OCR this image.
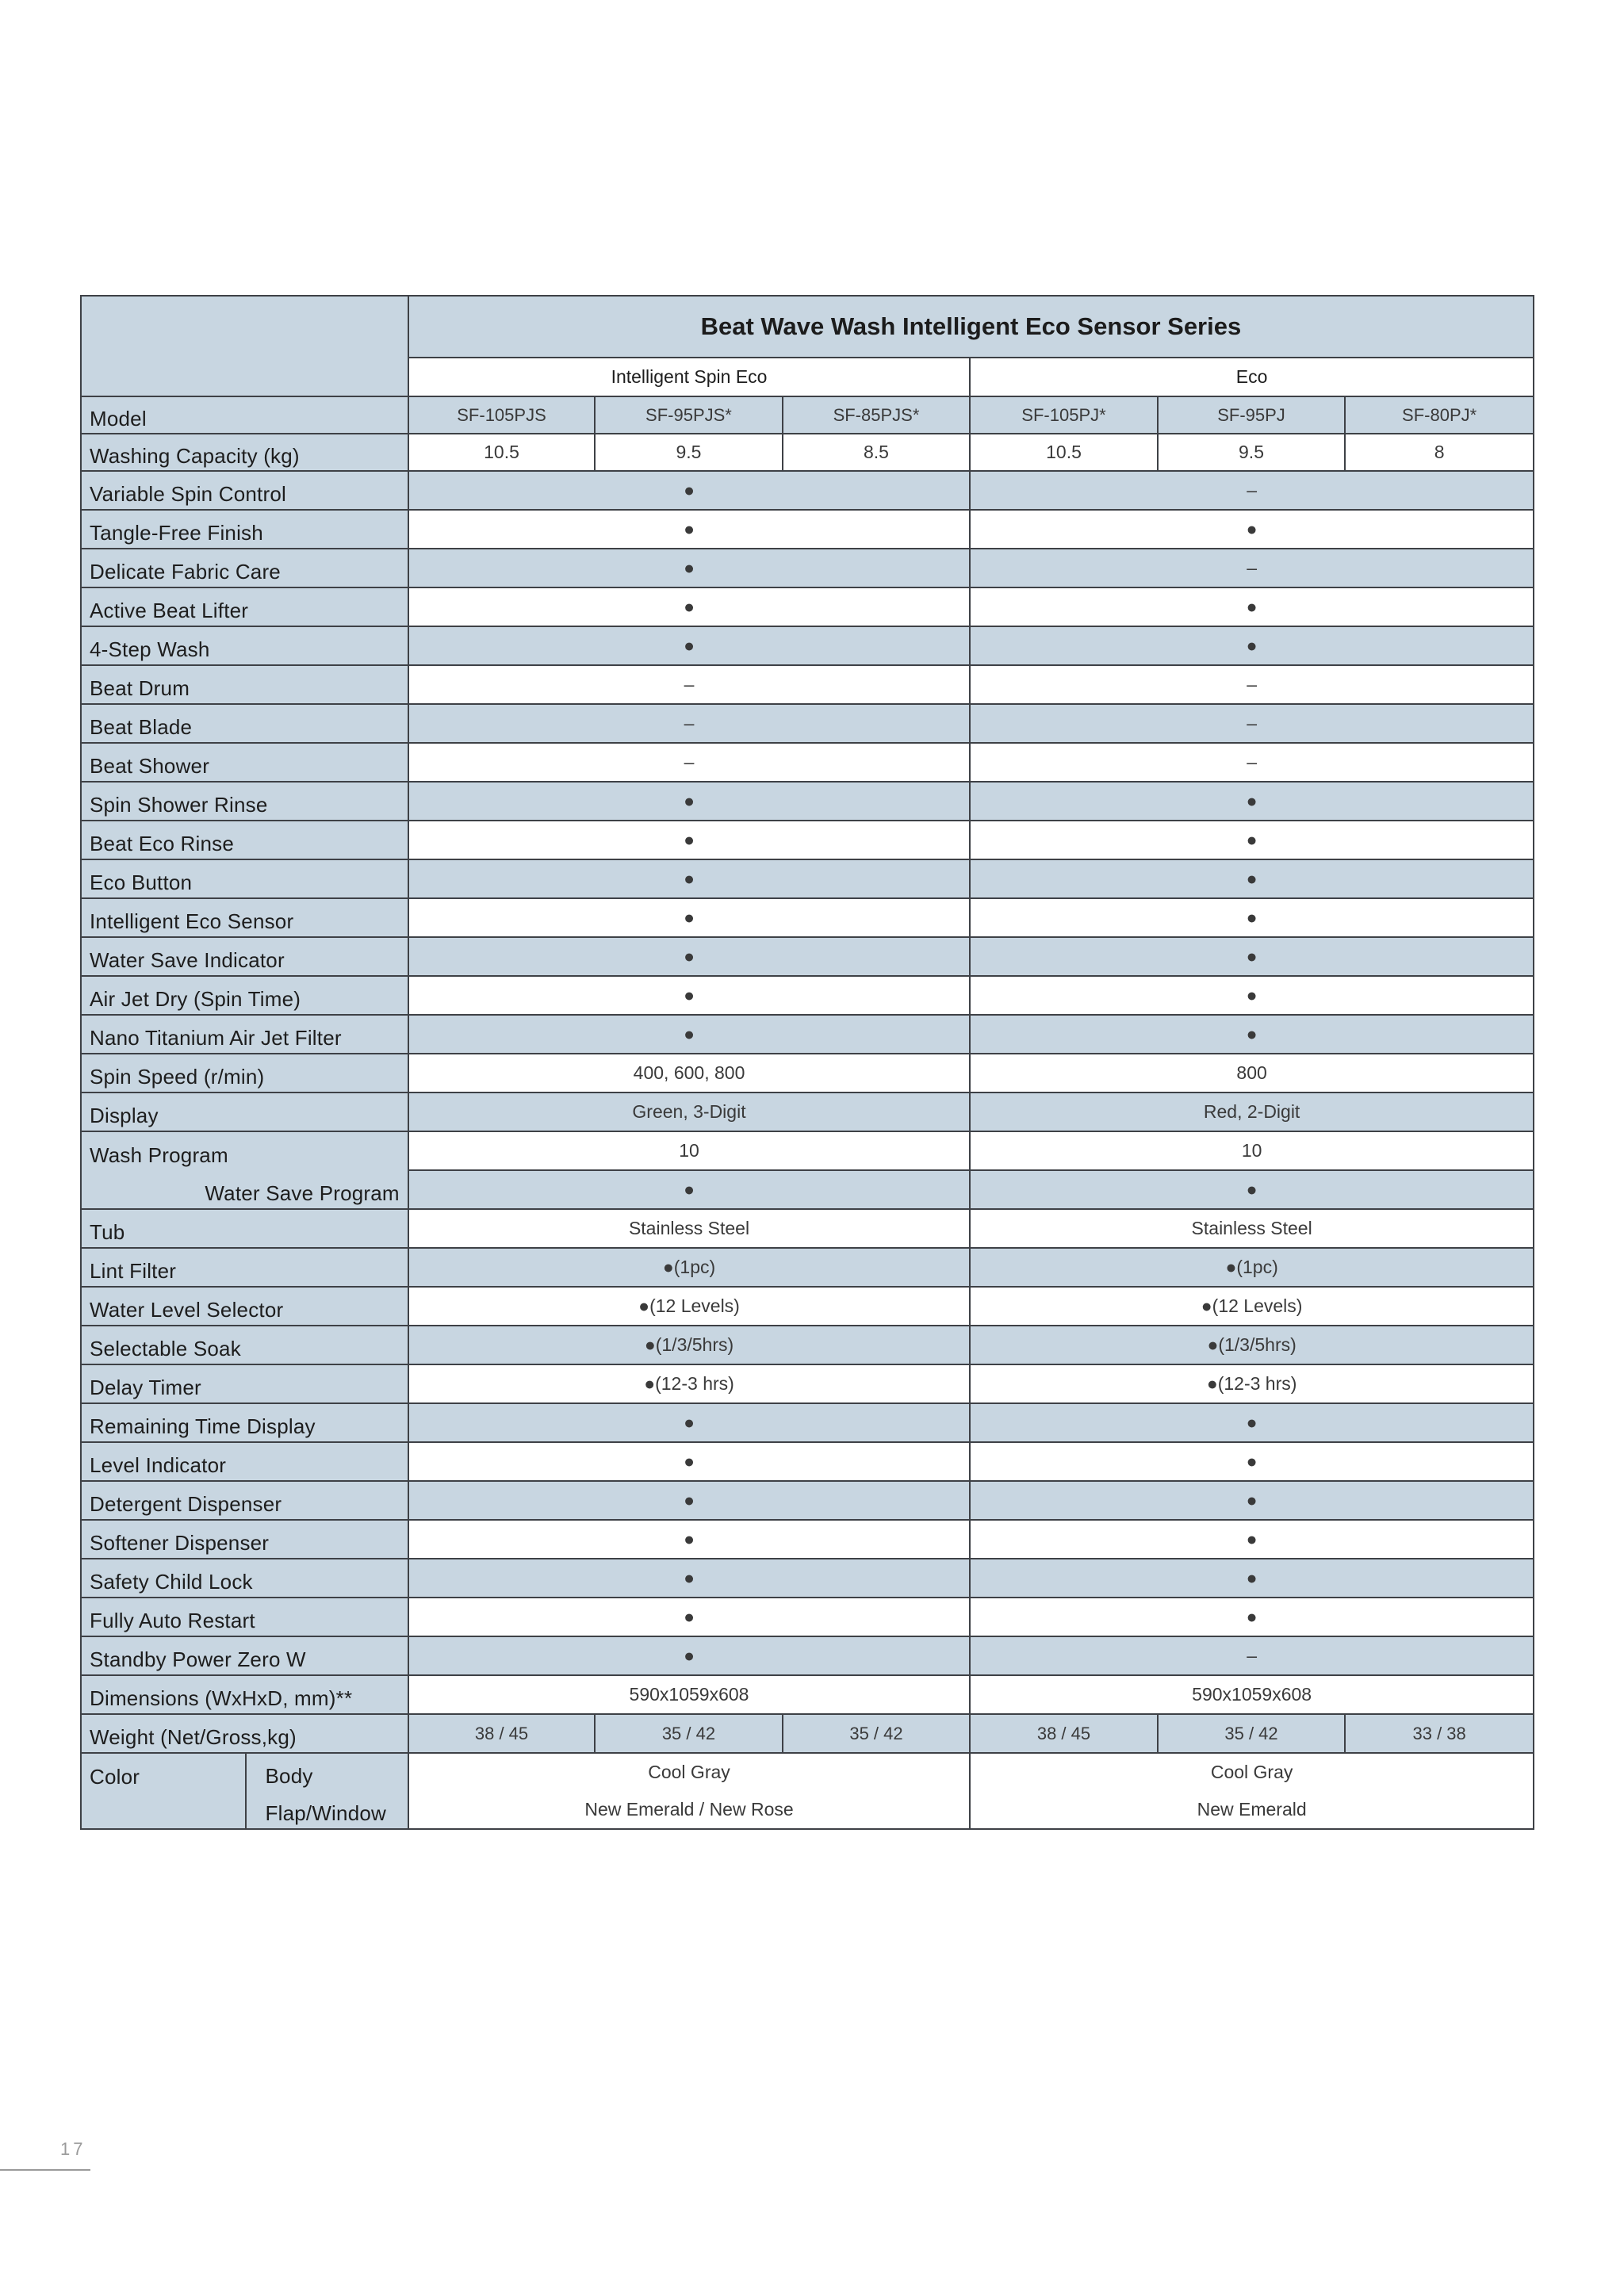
		Beat Wave Wash Intelligent Eco Sensor Series					
		Intelligent Spin Eco			Eco		
Model		SF-105PJS	SF-95PJS*	SF-85PJS*	SF-105PJ*	SF-95PJ	SF-80PJ*
Washing Capacity (kg)		10.5	9.5	8.5	10.5	9.5	8
Variable Spin Control		●			–		
Tangle-Free Finish		●			●		
Delicate Fabric Care		●			–		
Active Beat Lifter		●			●		
4-Step Wash		●			●		
Beat Drum		–			–		
Beat Blade		–			–		
Beat Shower		–			–		
Spin Shower Rinse		●			●		
Beat Eco Rinse		●			●		
Eco Button		●			●		
Intelligent Eco Sensor		●			●		
Water Save Indicator		●			●		
Air Jet Dry (Spin Time)		●			●		
Nano Titanium Air Jet Filter		●			●		
Spin Speed (r/min)		400, 600, 800			800		
Display		Green, 3-Digit			Red, 2-Digit		
Wash Program		10			10		
Water Save Program		●			●		
Tub		Stainless Steel			Stainless Steel		
Lint Filter		●(1pc)			●(1pc)		
Water Level Selector		●(12 Levels)			●(12 Levels)		
Selectable Soak		●(1/3/5hrs)			●(1/3/5hrs)		
Delay Timer		●(12-3 hrs)			●(12-3 hrs)		
Remaining Time Display		●			●		
Level Indicator		●			●		
Detergent Dispenser		●			●		
Softener Dispenser		●			●		
Safety Child Lock		●			●		
Fully Auto Restart		●			●		
Standby Power Zero W		●			–		
Dimensions (WxHxD, mm)**		590x1059x608			590x1059x608		
Weight (Net/Gross,kg)		38 / 45	35 / 42	35 / 42	38 / 45	35 / 42	33 / 38
Color	Body	Cool Gray			Cool Gray		
	Flap/Window	New Emerald / New Rose			New Emerald		
17
